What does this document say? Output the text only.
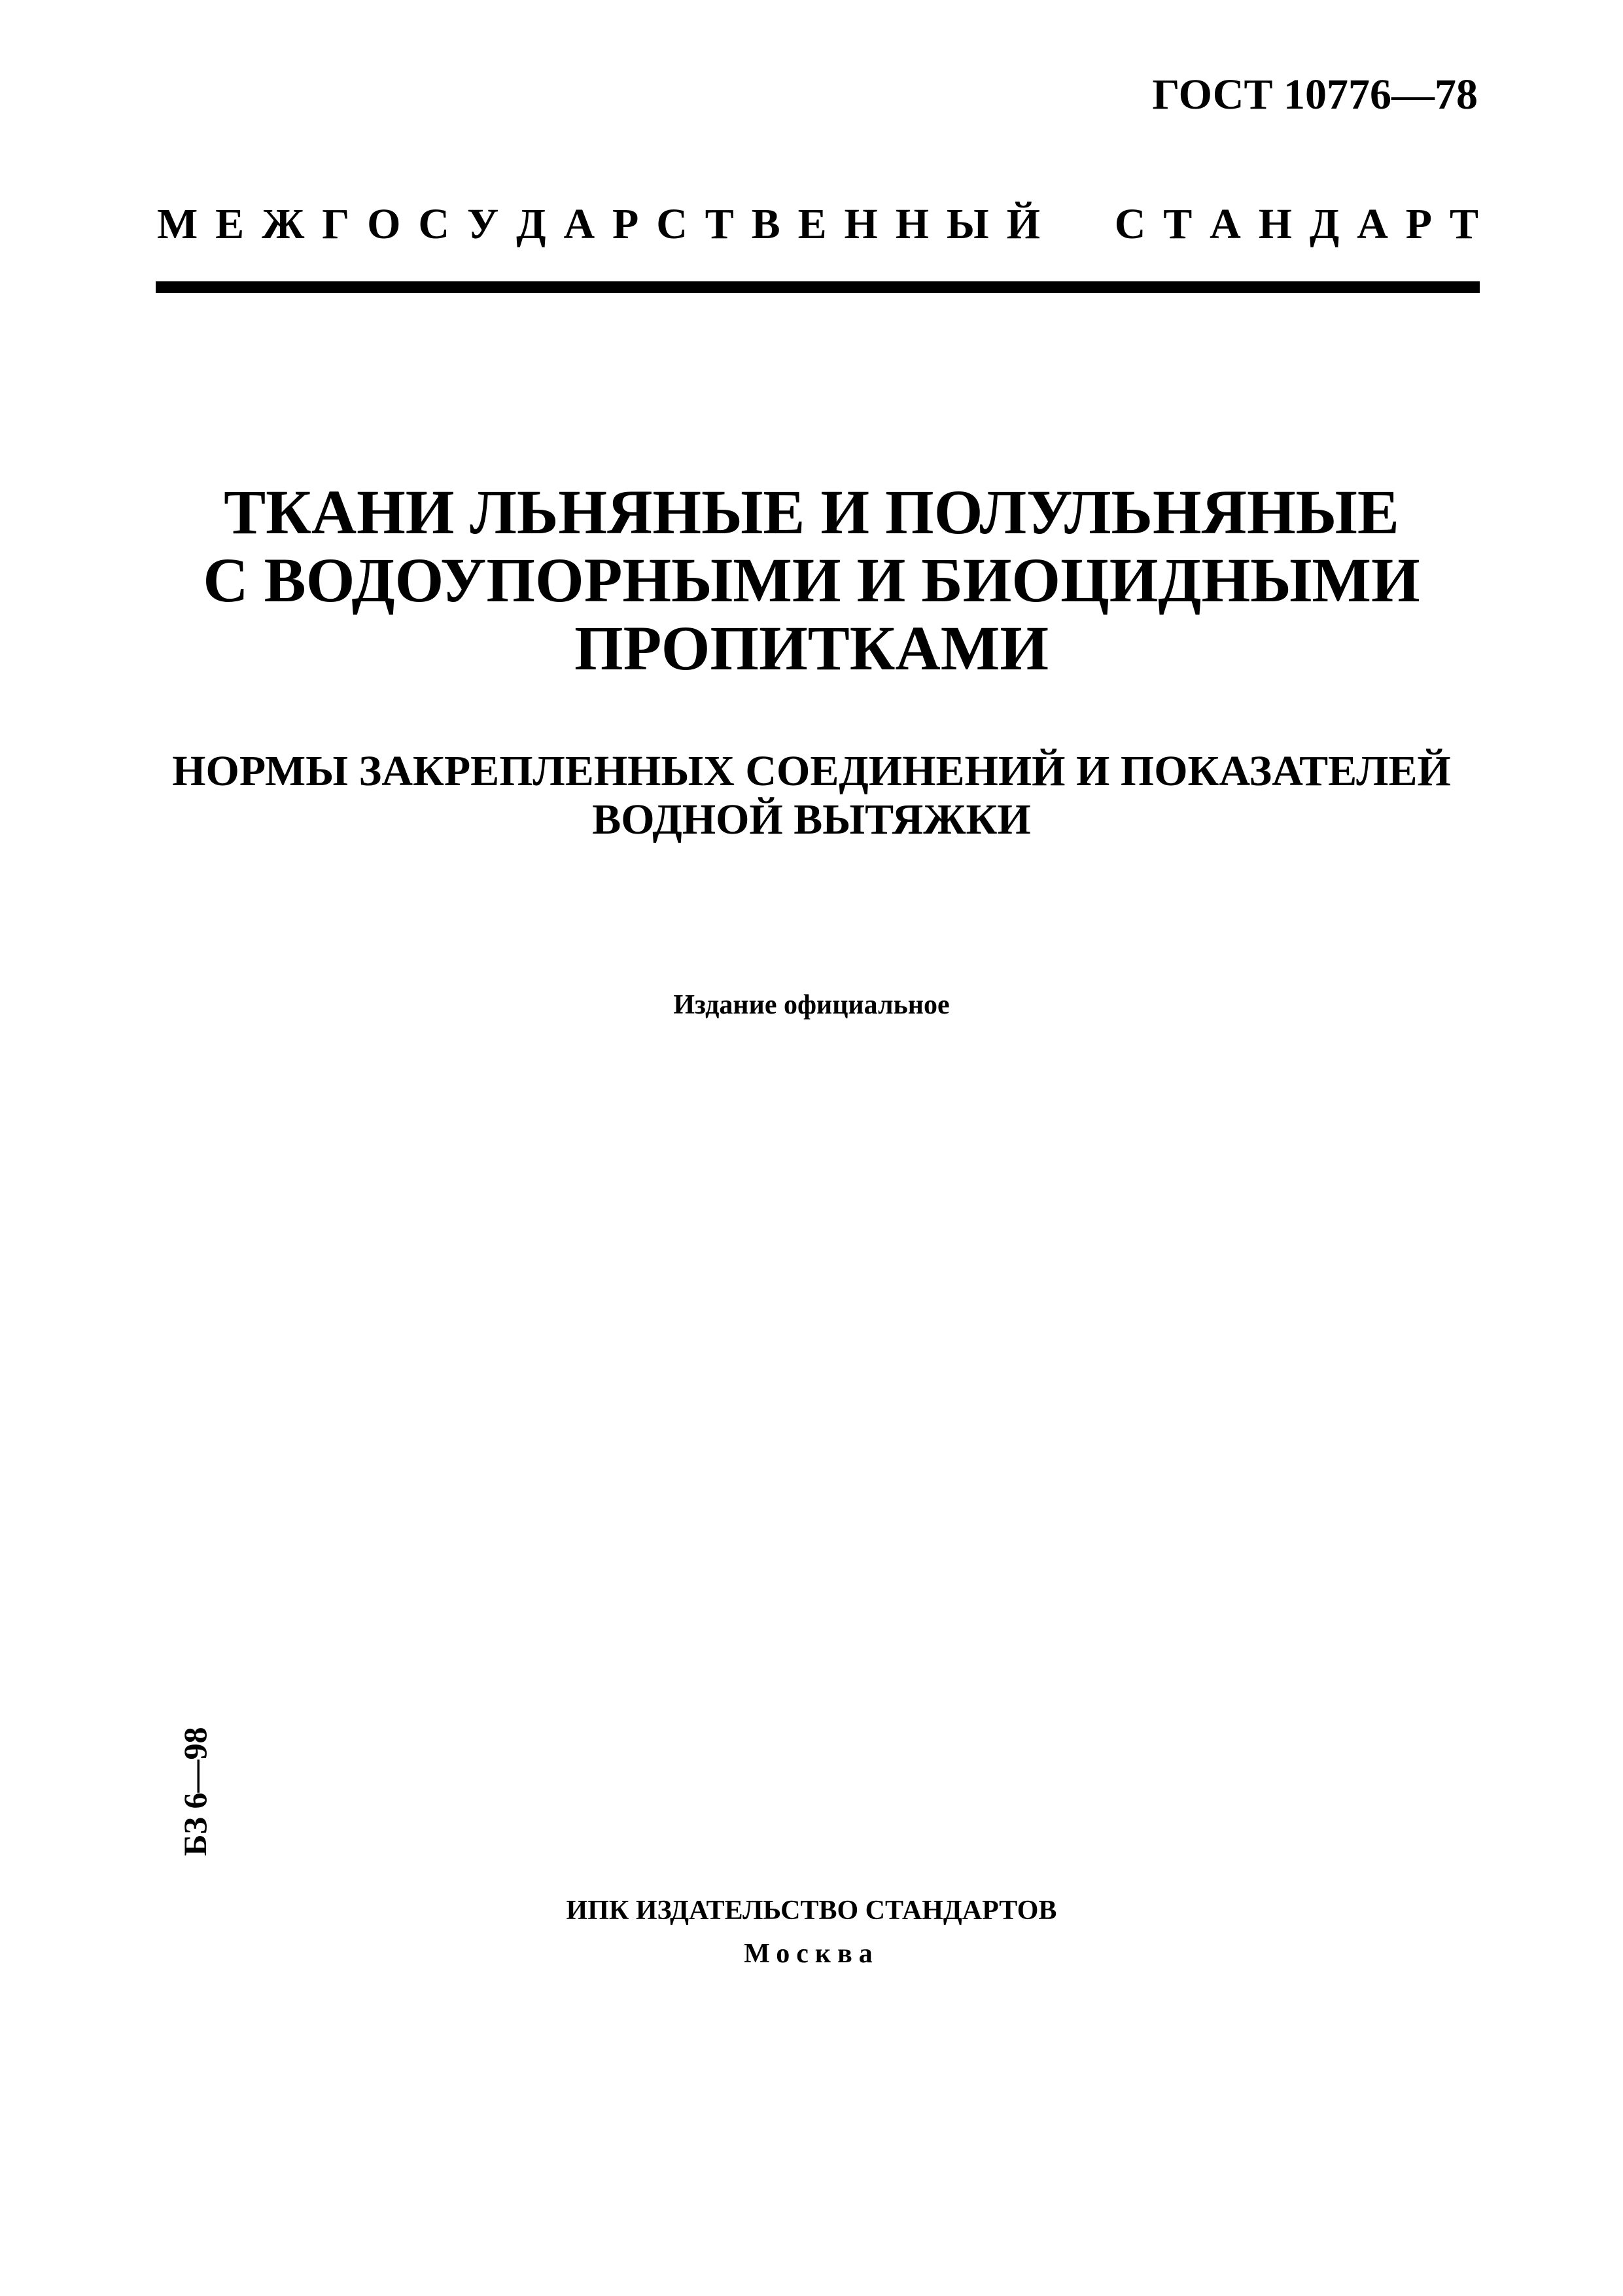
ГОСТ 10776—78
М Е Ж Г О С У Д А Р С Т В Е Н Н Ы Й С Т А Н Д А Р Т
ТКАНИ ЛЬНЯНЫЕ И ПОЛУЛЬНЯНЫЕ
С ВОДОУПОРНЫМИ И БИОЦИДНЫМИ
ПРОПИТКАМИ
НОРМЫ ЗАКРЕПЛЕННЫХ СОЕДИНЕНИЙ И ПОКАЗАТЕЛЕЙ
ВОДНОЙ ВЫТЯЖКИ
Издание официальное
БЗ 6—98
ИПК ИЗДАТЕЛЬСТВО СТАНДАРТОВ
Москва
